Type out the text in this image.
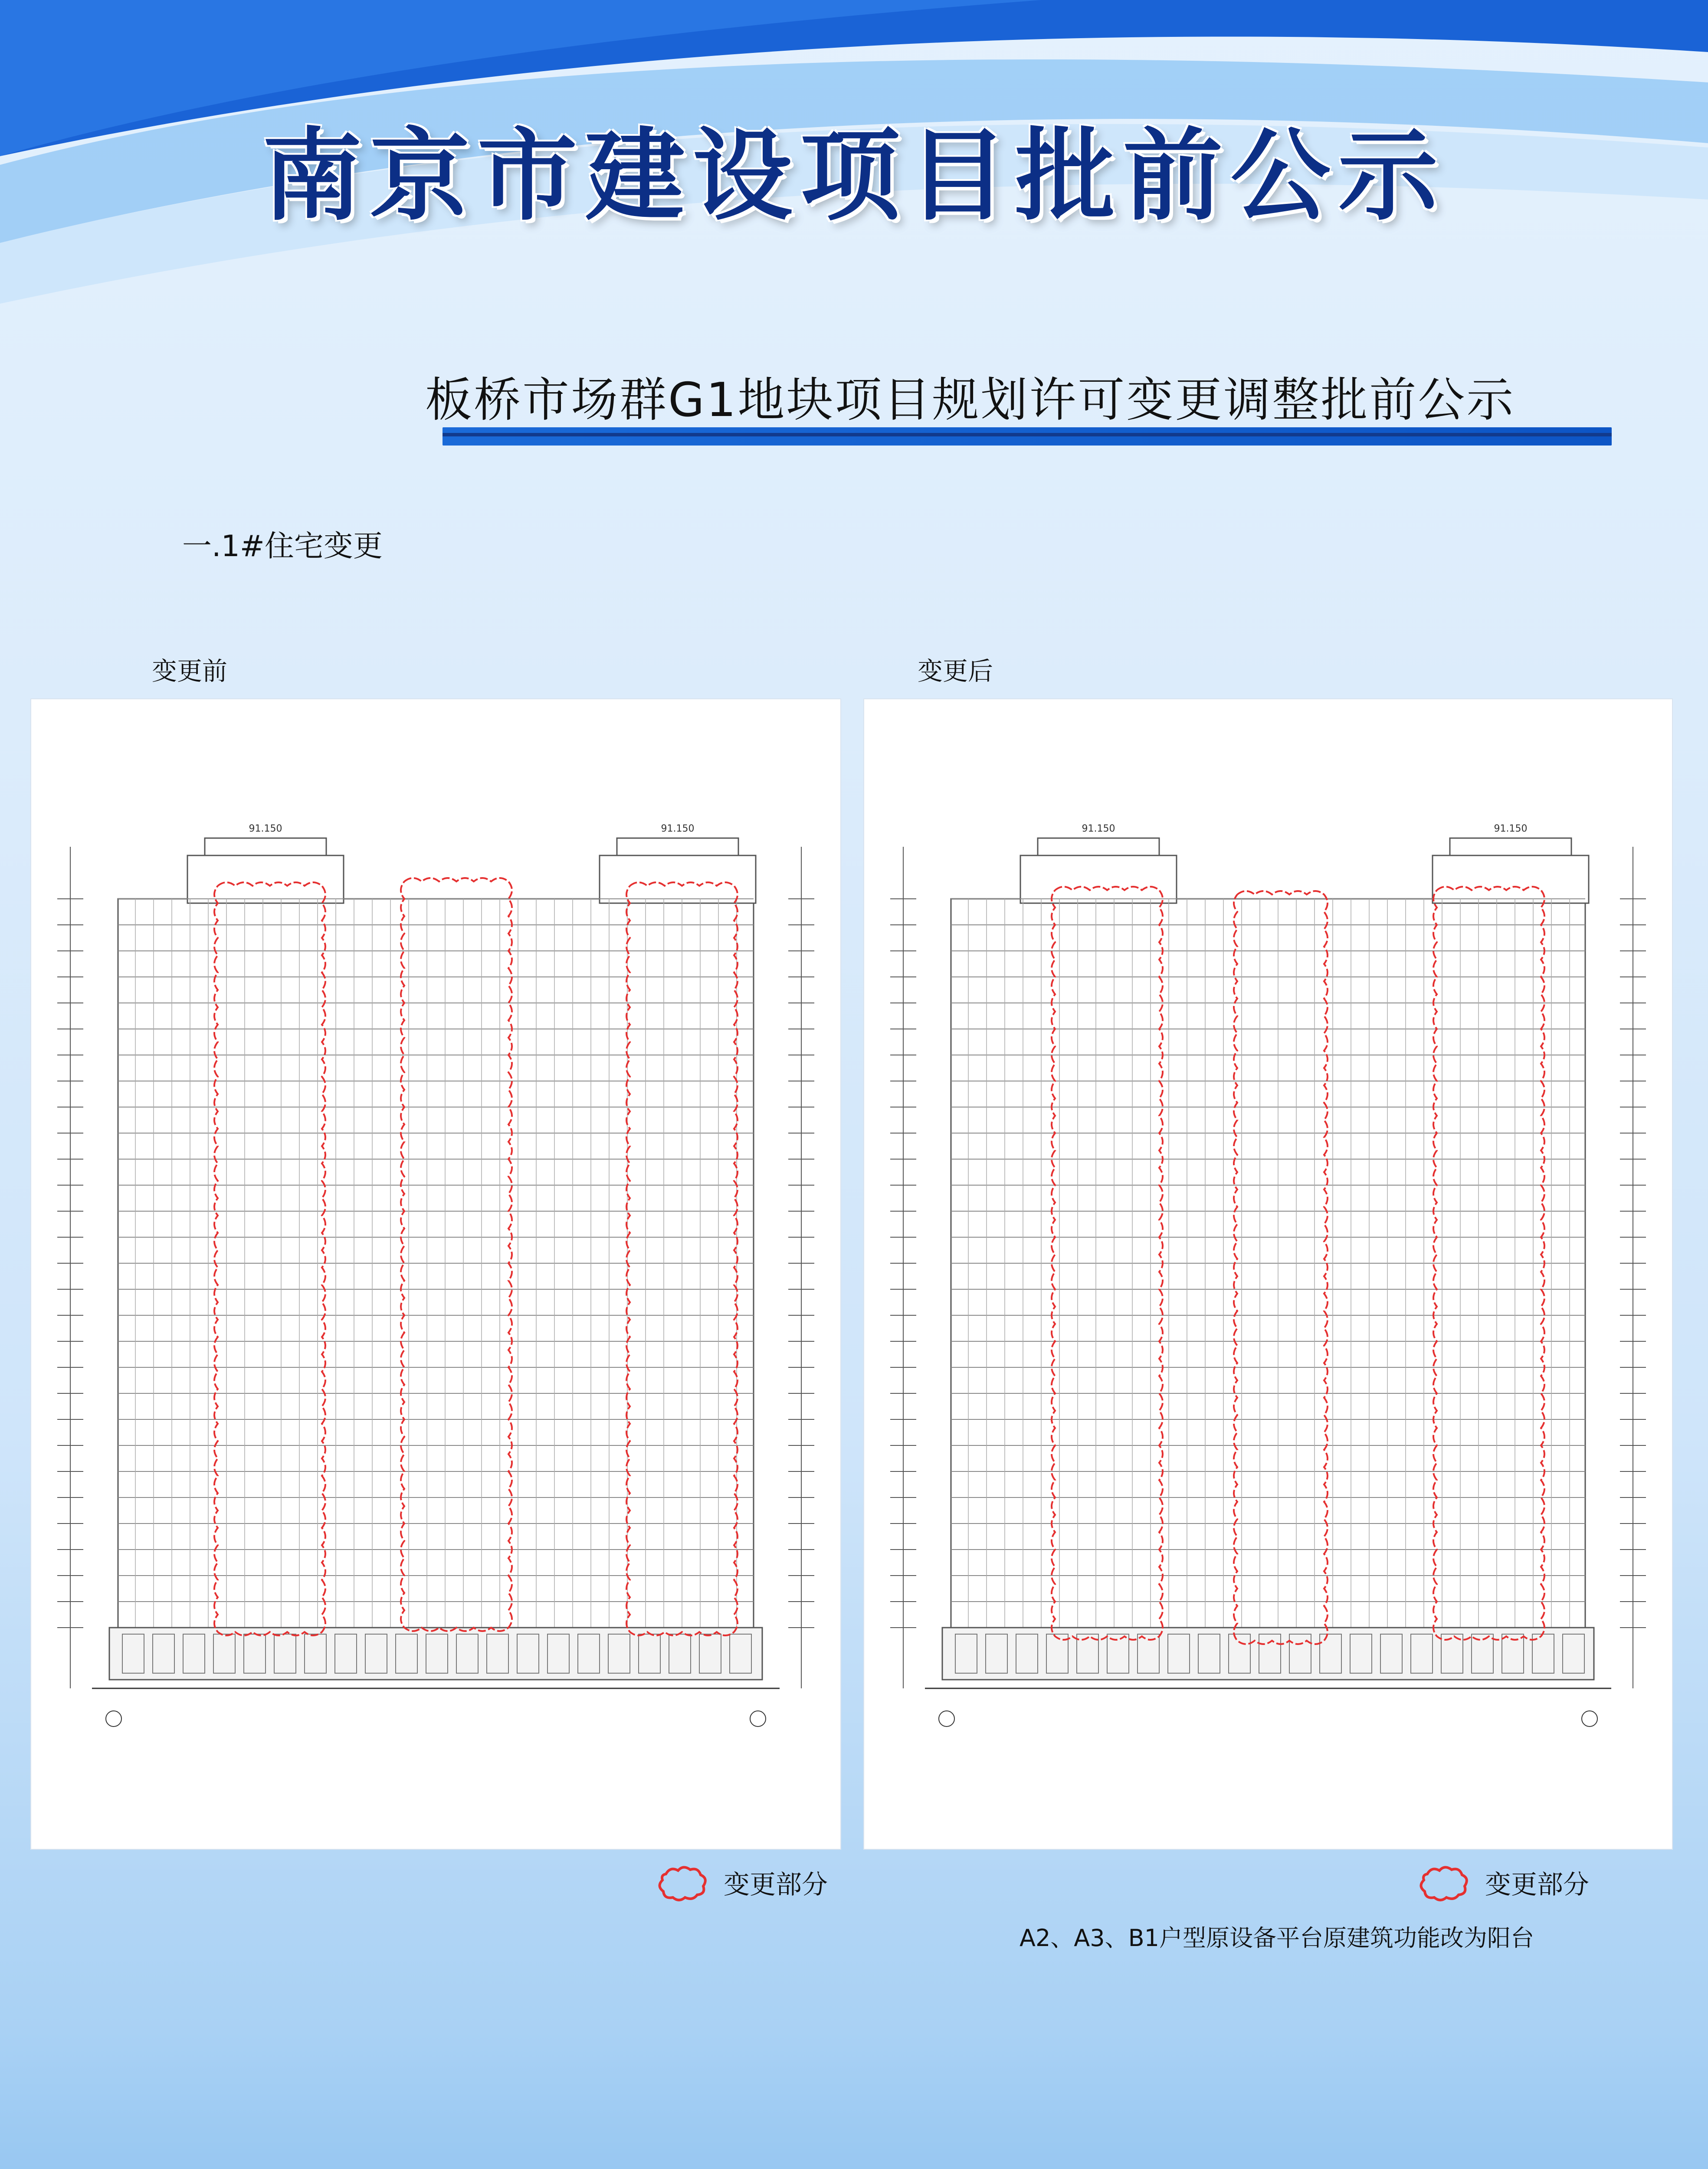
南京市建设项目批前公示
板桥市场群G1地块项目规划许可变更调整批前公示
一.1#住宅变更
变更前	变更后
91.150	91.150	91.150	91.150
变更部分	变更部分
A2、A3、B1户型原设备平台原建筑功能改为阳台
